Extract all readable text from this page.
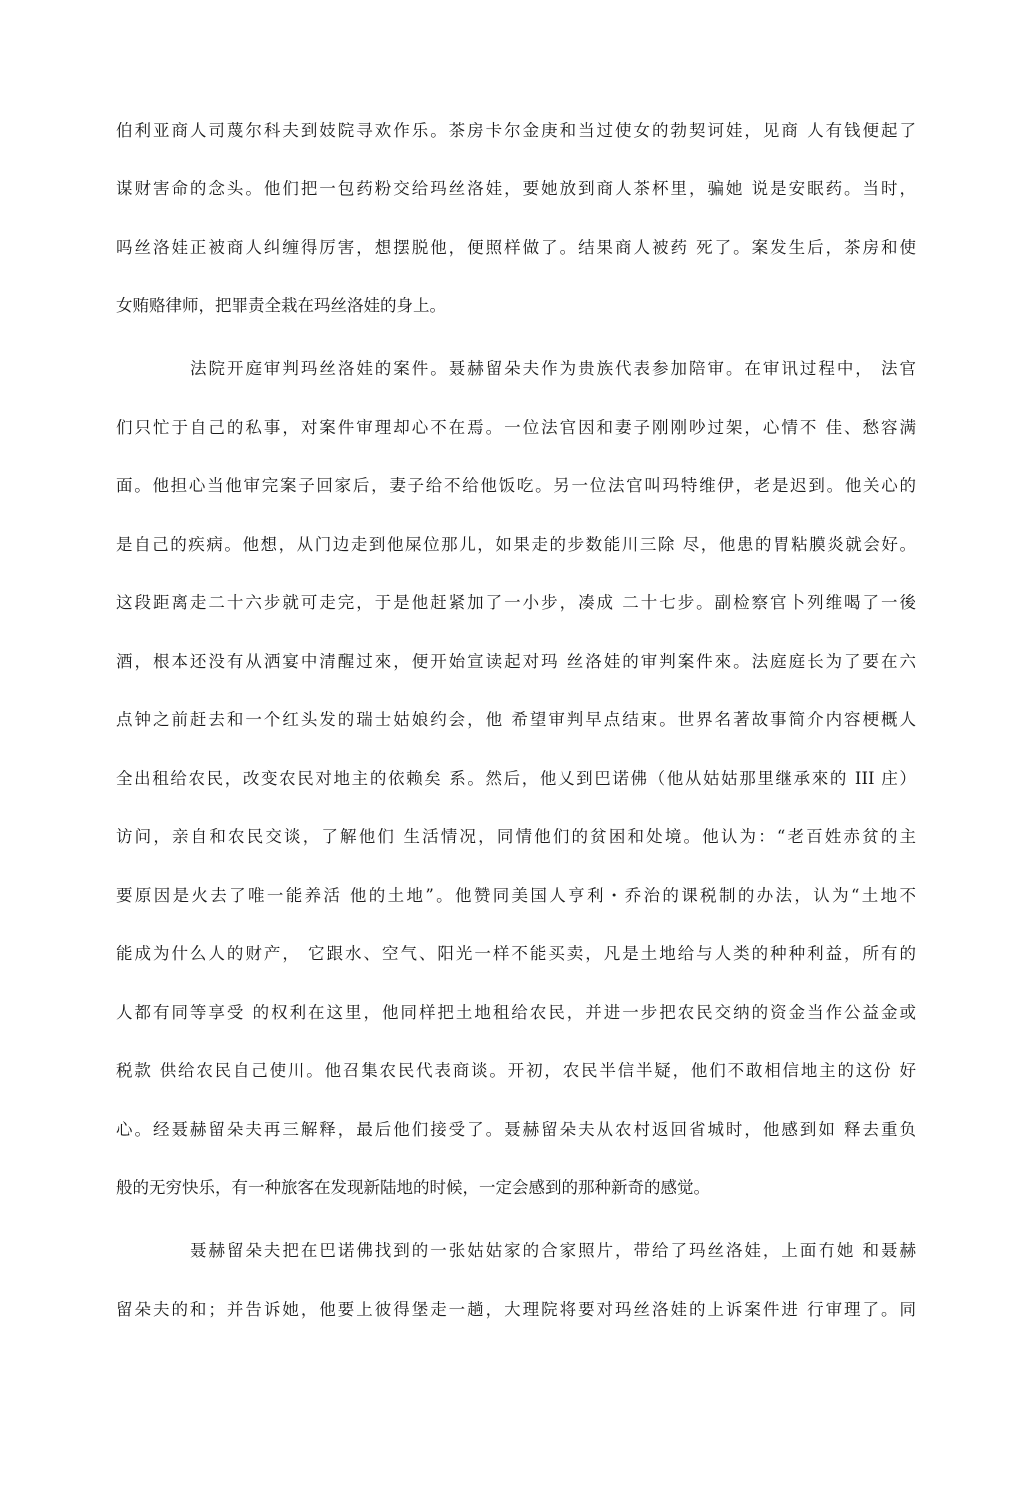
伯利亚商人司蔑尔科夫到妓院寻欢作乐。茶房卡尔金庚和当过使女的勃契诃娃，见商 人有钱便起了
谋财害命的念头。他们把一包药粉交给玛丝洛娃，要她放到商人茶杯里，骗她 说是安眠药。当时，
吗丝洛娃正被商人纠缠得厉害，想摆脱他，便照样做了。结果商人被药 死了。案发生后，茶房和使
女贿赂律师，把罪责全栽在玛丝洛娃的身上。
法院开庭审判玛丝洛娃的案件。聂赫留朵夫作为贵族代表参加陪审。在审讯过程中， 法官
们只忙于自己的私事，对案件审理却心不在焉。一位法官因和妻子刚刚吵过架，心情不 佳、愁容满
面。他担心当他审完案子回家后，妻子给不给他饭吃。另一位法官叫玛特维伊，老是迟到。他关心的
是自己的疾病。他想，从门边走到他屎位那儿，如果走的步数能川三除 尽，他患的胃粘膜炎就会好。
这段距离走二十六步就可走完，于是他赶紧加了一小步，凑成 二十七步。副检察官卜列维喝了一後
酒，根本还没有从洒宴中清醒过來，便开始宣读起对玛 丝洛娃的审判案件來。法庭庭长为了要在六
点钟之前赶去和一个红头发的瑞士姑娘约会，他 希望审判早点结束。世界名著故事简介内容梗概人
全出租给农民，改变农民对地主的依赖矣 系。然后，他乂到巴诺佛（他从姑姑那里继承來的 III 庄）
访问，亲自和农民交谈，了解他们 生活情况，同情他们的贫困和处境。他认为：“老百姓赤贫的主
要原因是火去了唯一能养活 他的土地”。他赞同美国人亨利・乔治的课税制的办法，认为“土地不
能成为什么人的财产， 它跟水、空气、阳光一样不能买卖，凡是土地给与人类的种种利益，所有的
人都有同等享受 的权利在这里，他同样把土地租给农民，并进一步把农民交纳的资金当作公益金或
税款 供给农民自己使川。他召集农民代表商谈。开初，农民半信半疑，他们不敢相信地主的这份 好
心。经聂赫留朵夫再三解释，最后他们接受了。聂赫留朵夫从农村返回省城时，他感到如 释去重负
般的无穷快乐，有一种旅客在发现新陆地的时候，一定会感到的那种新奇的感觉。
聂赫留朵夫把在巴诺佛找到的一张姑姑家的合家照片，带给了玛丝洛娃，上面冇她 和聂赫
留朵夫的和；并告诉她，他要上彼得堡走一趟，大理院将要对玛丝洛娃的上诉案件进 行审理了。同
